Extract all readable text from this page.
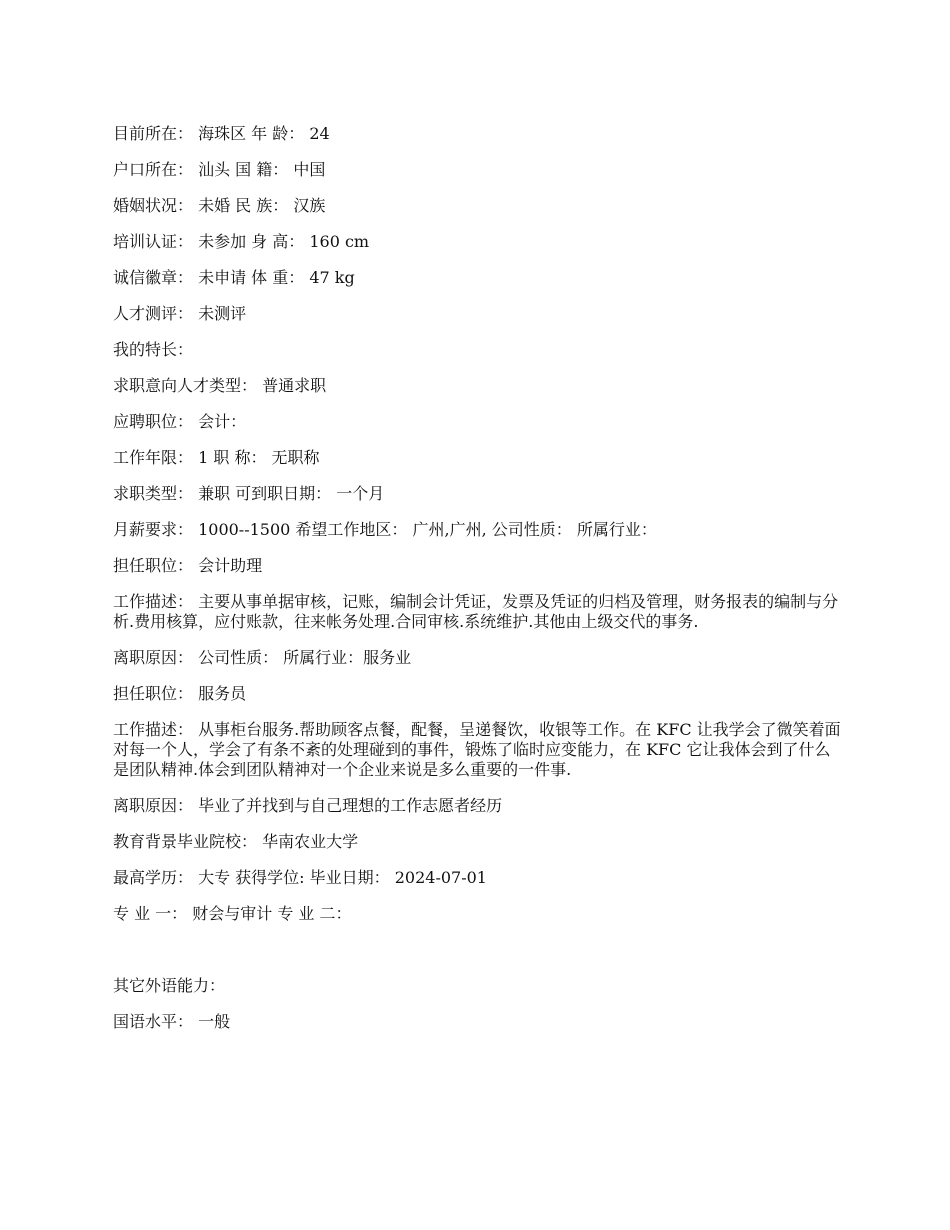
目前所在： 海珠区 年 龄： 24

户口所在： 汕头 国 籍： 中国

婚姻状况： 未婚 民 族： 汉族

培训认证： 未参加 身 高： 160 cm

诚信徽章： 未申请 体 重： 47 kg

人才测评： 未测评

我的特长：

求职意向人才类型： 普通求职

应聘职位： 会计：

工作年限： 1 职 称： 无职称

求职类型： 兼职 可到职日期： 一个月

月薪要求： 1000--1500 希望工作地区： 广州,广州, 公司性质： 所属行业：

担任职位： 会计助理

工作描述： 主要从事单据审核，记账，编制会计凭证，发票及凭证的归档及管理，财务报表的编制与分析.费用核算，应付账款，往来帐务处理.合同审核.系统维护.其他由上级交代的事务.

离职原因： 公司性质： 所属行业：服务业

担任职位： 服务员

工作描述： 从事柜台服务.帮助顾客点餐，配餐，呈递餐饮，收银等工作。在 KFC 让我学会了微笑着面对每一个人，学会了有条不紊的处理碰到的事件，锻炼了临时应变能力，在 KFC 它让我体会到了什么是团队精神.体会到团队精神对一个企业来说是多么重要的一件事.

离职原因： 毕业了并找到与自己理想的工作志愿者经历

教育背景毕业院校： 华南农业大学

最高学历： 大专 获得学位: 毕业日期： 2024-07-01

专 业 一： 财会与审计 专 业 二：

其它外语能力：

国语水平： 一般
